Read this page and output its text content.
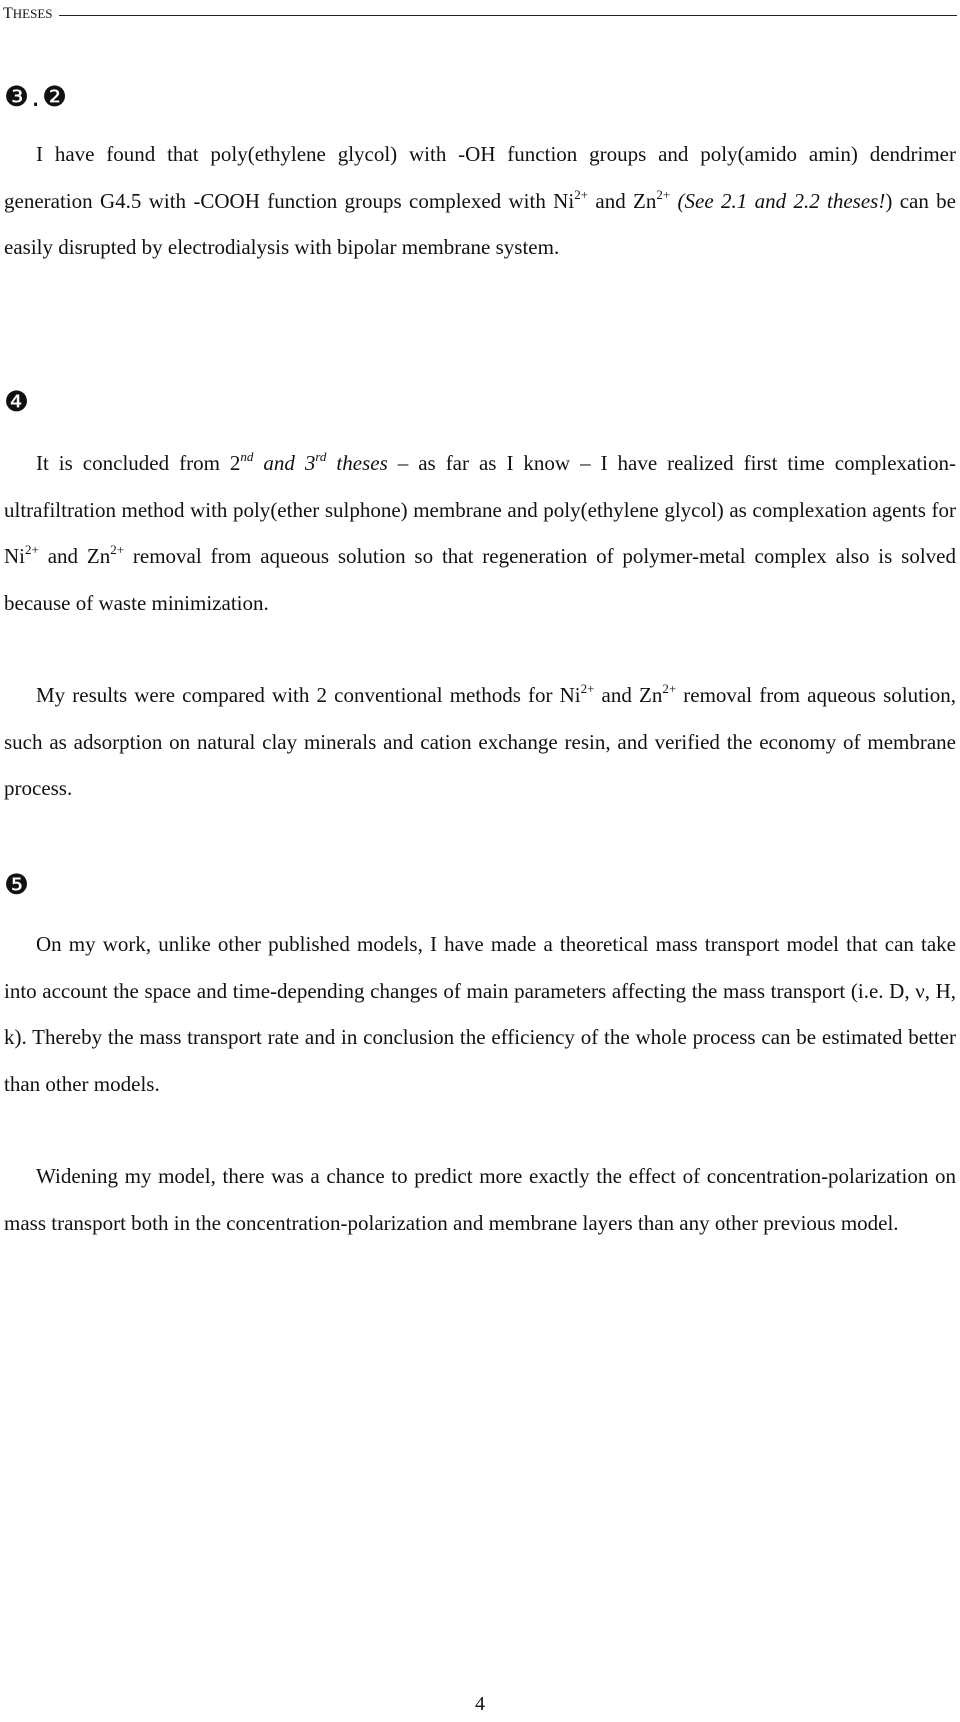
THESES
❸.❷

I have found that poly(ethylene glycol) with -OH function groups and poly(amido amin) dendrimer generation G4.5 with -COOH function groups complexed with $Ni^{2+}$ and $Zn^{2+}$ (See 2.1 and 2.2 theses!) can be easily disrupted by electrodialysis with bipolar membrane system.

❹

It is concluded from 2nd and 3rd theses – as far as I know – I have realized first time complexation-ultrafiltration method with poly(ether sulphone) membrane and poly(ethylene glycol) as complexation agents for $Ni^{2+}$ and $Zn^{2+}$ removal from aqueous solution so that regeneration of polymer-metal complex also is solved because of waste minimization.

My results were compared with 2 conventional methods for $Ni^{2+}$ and $Zn^{2+}$ removal from aqueous solution, such as adsorption on natural clay minerals and cation exchange resin, and verified the economy of membrane process.

❺

On my work, unlike other published models, I have made a theoretical mass transport model that can take into account the space and time-depending changes of main parameters affecting the mass transport (i.e. D, ν, H, k). Thereby the mass transport rate and in conclusion the efficiency of the whole process can be estimated better than other models.

Widening my model, there was a chance to predict more exactly the effect of concentration-polarization on mass transport both in the concentration-polarization and membrane layers than any other previous model.

4
